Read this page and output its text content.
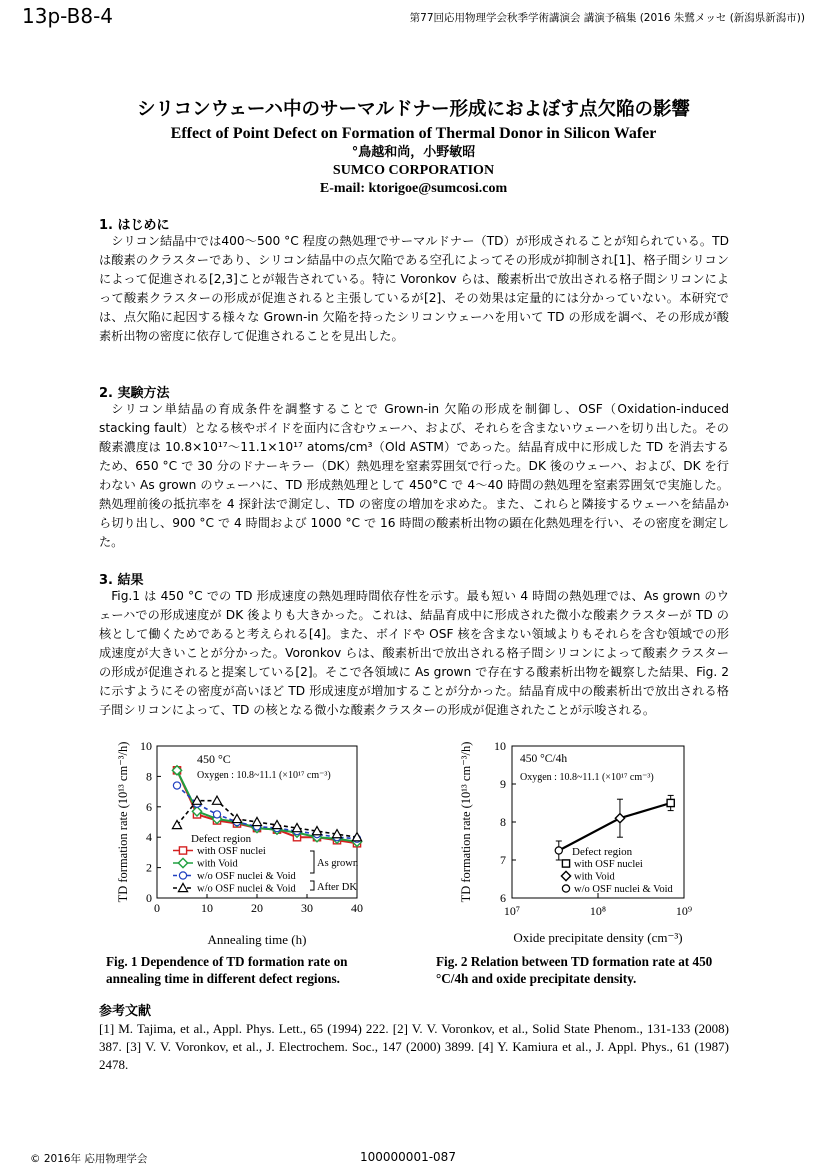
13p-B8-4	第77回応用物理学会秋季学術講演会 講演予稿集 (2016 朱鷺メッセ (新潟県新潟市))
シリコンウェーハ中のサーマルドナー形成におよぼす点欠陥の影響
Effect of Point Defect on Formation of Thermal Donor in Silicon Wafer
°鳥越和尚，小野敏昭
SUMCO CORPORATION
E-mail: ktorigoe@sumcosi.com
1. はじめに

シリコン結晶中では400～500 °C 程度の熱処理でサーマルドナー（TD）が形成されることが知られている。TD は酸素のクラスターであり、シリコン結晶中の点欠陥である空孔によってその形成が抑制され[1]、格子間シリコンによって促進される[2,3]ことが報告されている。特に Voronkov らは、酸素析出で放出される格子間シリコンによって酸素クラスターの形成が促進されると主張しているが[2]、その効果は定量的には分かっていない。本研究では、点欠陥に起因する様々な Grown-in 欠陥を持ったシリコンウェーハを用いて TD の形成を調べ、その形成が酸素析出物の密度に依存して促進されることを見出した。

2. 実験方法

シリコン単結晶の育成条件を調整することで Grown-in 欠陥の形成を制御し、OSF（Oxidation-induced stacking fault）となる核やボイドを面内に含むウェーハ、および、それらを含まないウェーハを切り出した。その酸素濃度は 10.8×10¹⁷～11.1×10¹⁷ atoms/cm³（Old ASTM）であった。結晶育成中に形成した TD を消去するため、650 °C で 30 分のドナーキラー（DK）熱処理を窒素雰囲気で行った。DK 後のウェーハ、および、DK を行わない As grown のウェーハに、TD 形成熱処理として 450°C で 4～40 時間の熱処理を窒素雰囲気で実施した。熱処理前後の抵抗率を 4 探針法で測定し、TD の密度の増加を求めた。また、これらと隣接するウェーハを結晶から切り出し、900 °C で 4 時間および 1000 °C で 16 時間の酸素析出物の顕在化熱処理を行い、その密度を測定した。

3. 結果

Fig.1 は 450 °C での TD 形成速度の熱処理時間依存性を示す。最も短い 4 時間の熱処理では、As grown のウェーハでの形成速度が DK 後よりも大きかった。これは、結晶育成中に形成された微小な酸素クラスターが TD の核として働くためであると考えられる[4]。また、ボイドや OSF 核を含まない領域よりもそれらを含む領域での形成速度が大きいことが分かった。Voronkov らは、酸素析出で放出される格子間シリコンによって酸素クラスターの形成が促進されると提案している[2]。そこで各領域に As grown で存在する酸素析出物を観察した結果、Fig. 2 に示すようにその密度が高いほど TD 形成速度が増加することが分かった。結晶育成中の酸素析出で放出される格子間シリコンによって、TD の核となる微小な酸素クラスターの形成が促進されたことが示唆される。

0	10	20	30	40
0
2
4
6
8
10
Annealing time (h)
TD formation rate (10¹³ cm⁻³/h)	450 °C
Oxygen : 10.8~11.1 (×10¹⁷ cm⁻³)
Defect region
with OSF nuclei
with Void
w/o OSF nuclei & Void
w/o OSF nuclei & Void
As grown
After DK
10⁷	10⁸	10⁹
6
7
8
9
10
Oxide precipitate density (cm⁻³)
TD formation rate (10¹³ cm⁻³/h)	450 °C/4h
Oxygen : 10.8~11.1 (×10¹⁷ cm⁻³)
Defect region
with OSF nuclei
with Void
w/o OSF nuclei & Void
Fig. 1 Dependence of TD formation rate on annealing time in different defect regions.
Fig. 2 Relation between TD formation rate at 450 °C/4h and oxide precipitate density.
参考文献
[1] M. Tajima, et al., Appl. Phys. Lett., 65 (1994) 222. [2] V. V. Voronkov, et al., Solid State Phenom., 131-133 (2008) 387. [3] V. V. Voronkov, et al., J. Electrochem. Soc., 147 (2000) 3899. [4] Y. Kamiura et al., J. Appl. Phys., 61 (1987) 2478.
© 2016年 応用物理学会	100000001-087
